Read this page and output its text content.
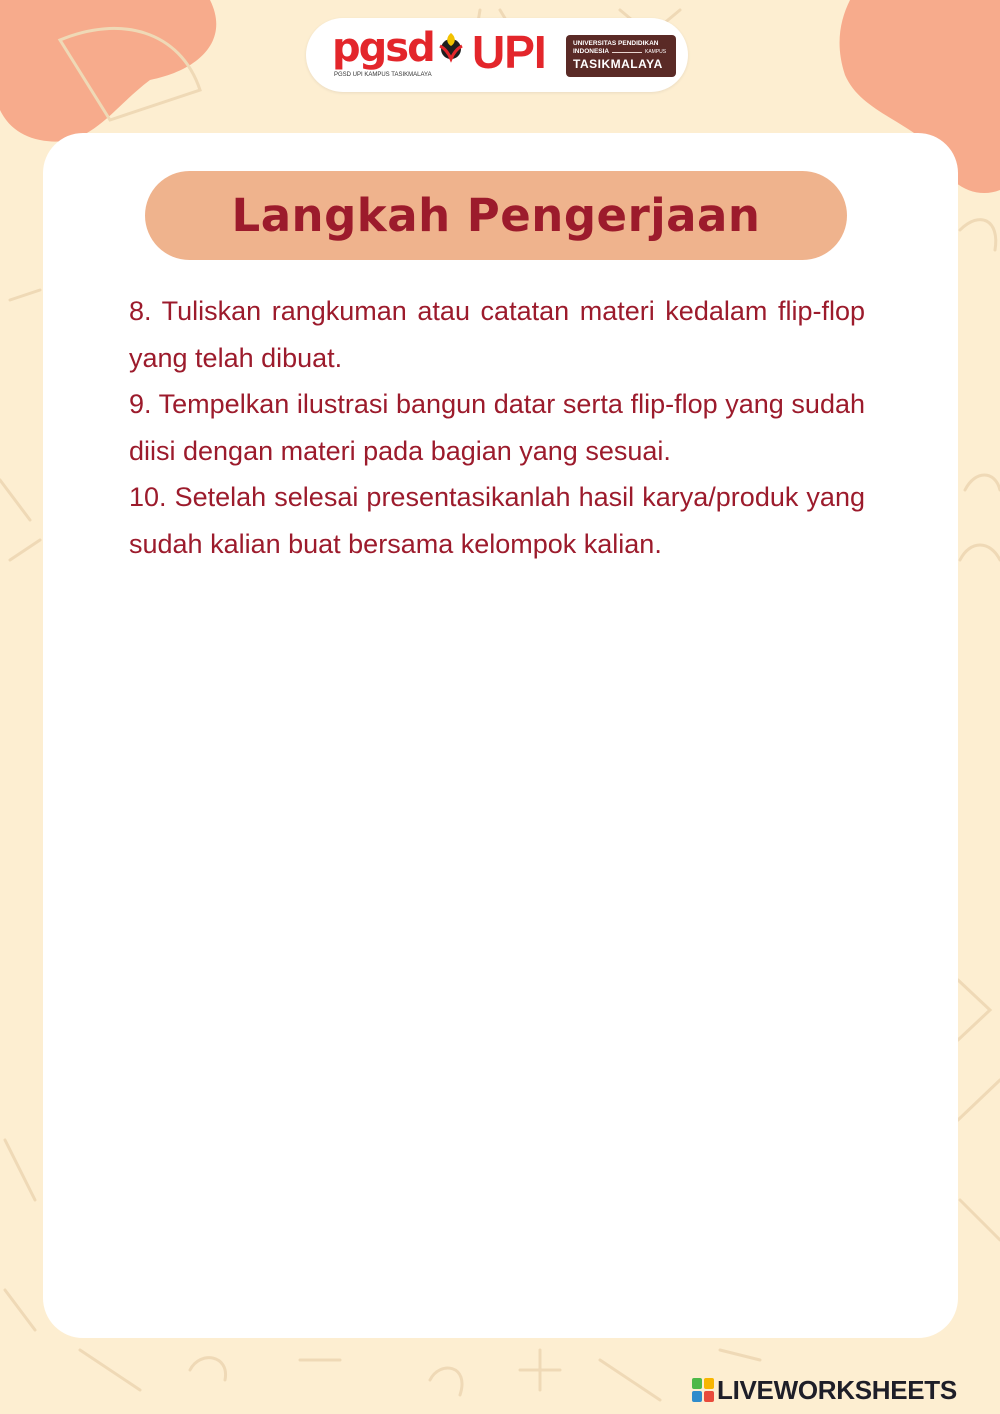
pgsd
PGSD UPI KAMPUS TASIKMALAYA UPI	UNIVERSITAS PENDIDIKAN
INDONESIA	KAMPUS
TASIKMALAYA
Langkah Pengerjaan

8. Tuliskan rangkuman atau catatan materi kedalam flip-flop yang telah dibuat.

9. Tempelkan ilustrasi bangun datar serta flip-flop yang sudah diisi dengan materi pada bagian yang sesuai.

10. Setelah selesai presentasikanlah hasil karya/produk yang sudah kalian buat bersama kelompok kalian.

LIVEWORKSHEETS
